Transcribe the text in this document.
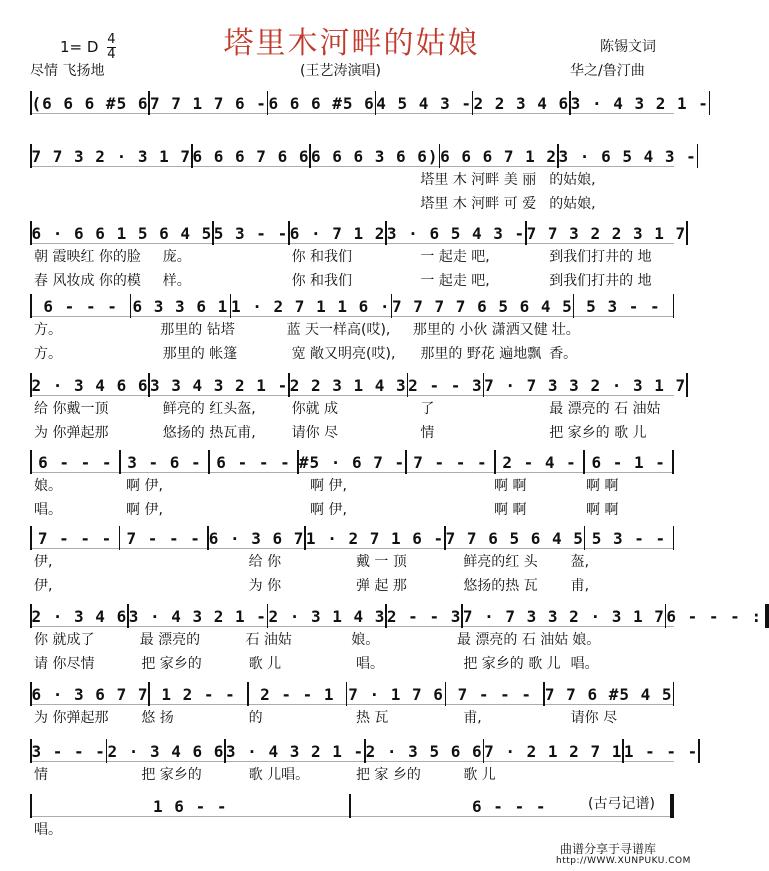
塔里木河畔的姑娘
1= D $\frac{4}{4}$
尽情 飞扬地	(王艺涛演唱)
陈锡文词
华之/鲁汀曲
(6 6 6 #5 6 7 7 1 7 6 - 6 6 6 #5 6 4 5 4 3 - 2 2 3 4 6 3 · 4 3 2 1 -
7 7 3 2 · 3 1 7 6 6 6 7 6 6 6 6 6 3 6 6) 6 6 6 7 1 2 3 · 6 5 4 3 -
塔里 木 河畔 美 丽 的姑娘,
塔里 木 河畔 可 爱 的姑娘,
6 · 6 6 1 5 6 4 5 5 3 - - 6 · 7 1 2 3 · 6 5 4 3 - 7 7 3 2 2 3 1 7
朝 霞映红 你的脸	庞。	你 和我们	一 起走 吧,	到我们打井的 地
春 风妆成 你的模	样。	你 和我们	一 起走 吧,	到我们打井的 地
6 - - - 6 3 3 6 1 1 · 2 7 1 1 6 · 7 7 7 7 6 5 6 4 5 5 3 - -
方。	那里的 钻塔	蓝 天一样高(哎),	那里的 小伙 潇洒又健 壮。
方。	那里的 帐篷	宽 敞又明亮(哎),	那里的 野花 遍地飘 香。
2 · 3 4 6 6 3 3 4 3 2 1 - 2 2 3 1 4 3 2 - - 3 7 · 7 3 3 2 · 3 1 7
给 你戴一顶	鲜亮的 红头盔,	你就 成	了	最 漂亮的 石 油姑
为 你弹起那	悠扬的 热瓦甫,	请你 尽	情	把 家乡的 歌 儿
6 - - - 3 - 6 - 6 - - - #5 · 6 7 - 7 - - - 2 - 4 - 6 - 1 -
娘。	啊 伊,	啊 伊,	啊 啊	啊 啊
唱。	啊 伊,	啊 伊,	啊 啊	啊 啊
7 - - - 7 - - - 6 · 3 6 7 1 · 2 7 1 6 - 7 7 6 5 6 4 5 5 3 - -
伊,	给 你	戴 一 顶	鲜亮的红 头	盔,
伊,	为 你	弹 起 那	悠扬的热 瓦	甫,
2 · 3 4 6 3 · 4 3 2 1 - 2 · 3 1 4 3 2 - - 3 7 · 7 3 3 2 · 3 1 7 6 - - - :
你 就成了	最 漂亮的	石 油姑	娘。	最 漂亮的 石 油姑 娘。
请 你尽情	把 家乡的	歌 儿	唱。	把 家乡的 歌 儿 唱。
6 · 3 6 7 7 1 2 - -	2 - - 1 7 · 1 7 6 7 - - - 7 7 6 #5 4 5
为 你弹起那	悠 扬	的	热 瓦	甫,	请你 尽
3 - - - 2 · 3 4 6 6 3 · 4 3 2 1 - 2 · 3 5 6 6 7 · 2 1 2 7 1 1 - - -
情	把 家乡的	歌 儿唱。	把 家 乡的	歌 儿
1 6 - -	6 - - -
唱。
(古弓记谱)
曲谱分享于寻谱库
http://WWW.XUNPUKU.COM
